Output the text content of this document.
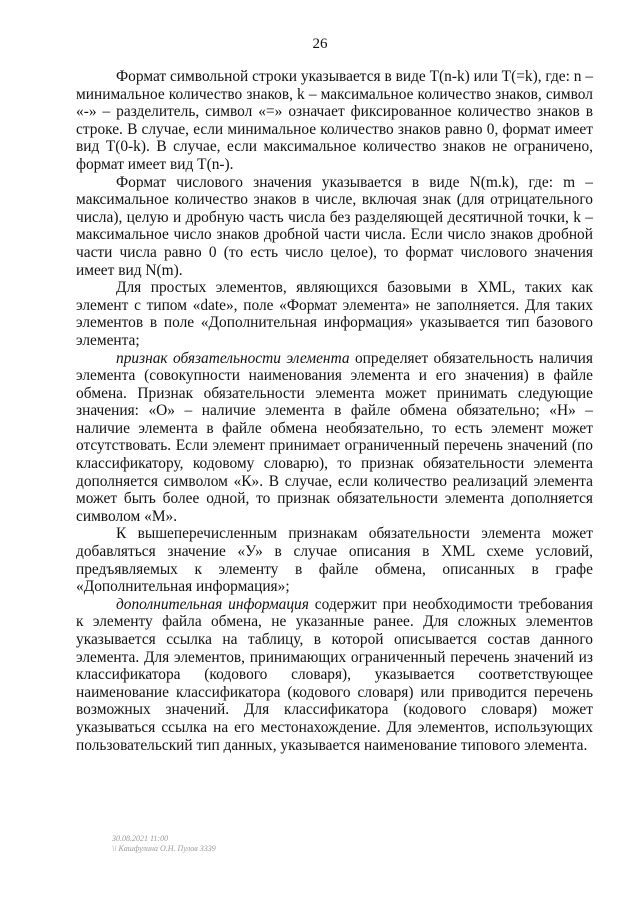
26

Формат символьной строки указывается в виде T(n-k) или T(=k), где: n – минимальное количество знаков, k – максимальное количество знаков, символ «-» – разделитель, символ «=» означает фиксированное количество знаков в строке. В случае, если минимальное количество знаков равно 0, формат имеет вид T(0-k). В случае, если максимальное количество знаков не ограничено, формат имеет вид T(n-).

Формат числового значения указывается в виде N(m.k), где: m – максимальное количество знаков в числе, включая знак (для отрицательного числа), целую и дробную часть числа без разделяющей десятичной точки, k – максимальное число знаков дробной части числа. Если число знаков дробной части числа равно 0 (то есть число целое), то формат числового значения имеет вид N(m).

Для простых элементов, являющихся базовыми в XML, таких как элемент с типом «date», поле «Формат элемента» не заполняется. Для таких элементов в поле «Дополнительная информация» указывается тип базового элемента;

признак обязательности элемента определяет обязательность наличия элемента (совокупности наименования элемента и его значения) в файле обмена. Признак обязательности элемента может принимать следующие значения: «О» – наличие элемента в файле обмена обязательно; «Н» – наличие элемента в файле обмена необязательно, то есть элемент может отсутствовать. Если элемент принимает ограниченный перечень значений (по классификатору, кодовому словарю), то признак обязательности элемента дополняется символом «К». В случае, если количество реализаций элемента может быть более одной, то признак обязательности элемента дополняется символом «М».

К вышеперечисленным признакам обязательности элемента может добавляться значение «У» в случае описания в XML схеме условий, предъявляемых к элементу в файле обмена, описанных в графе «Дополнительная информация»;

дополнительная информация содержит при необходимости требования к элементу файла обмена, не указанные ранее. Для сложных элементов указывается ссылка на таблицу, в которой описывается состав данного элемента. Для элементов, принимающих ограниченный перечень значений из классификатора (кодового словаря), указывается соответствующее наименование классификатора (кодового словаря) или приводится перечень возможных значений. Для классификатора (кодового словаря) может указываться ссылка на его местонахождение. Для элементов, использующих пользовательский тип данных, указывается наименование типового элемента.

30.08.2021 11:00
\\ Кашфулина О.Н. Пулов 3339
